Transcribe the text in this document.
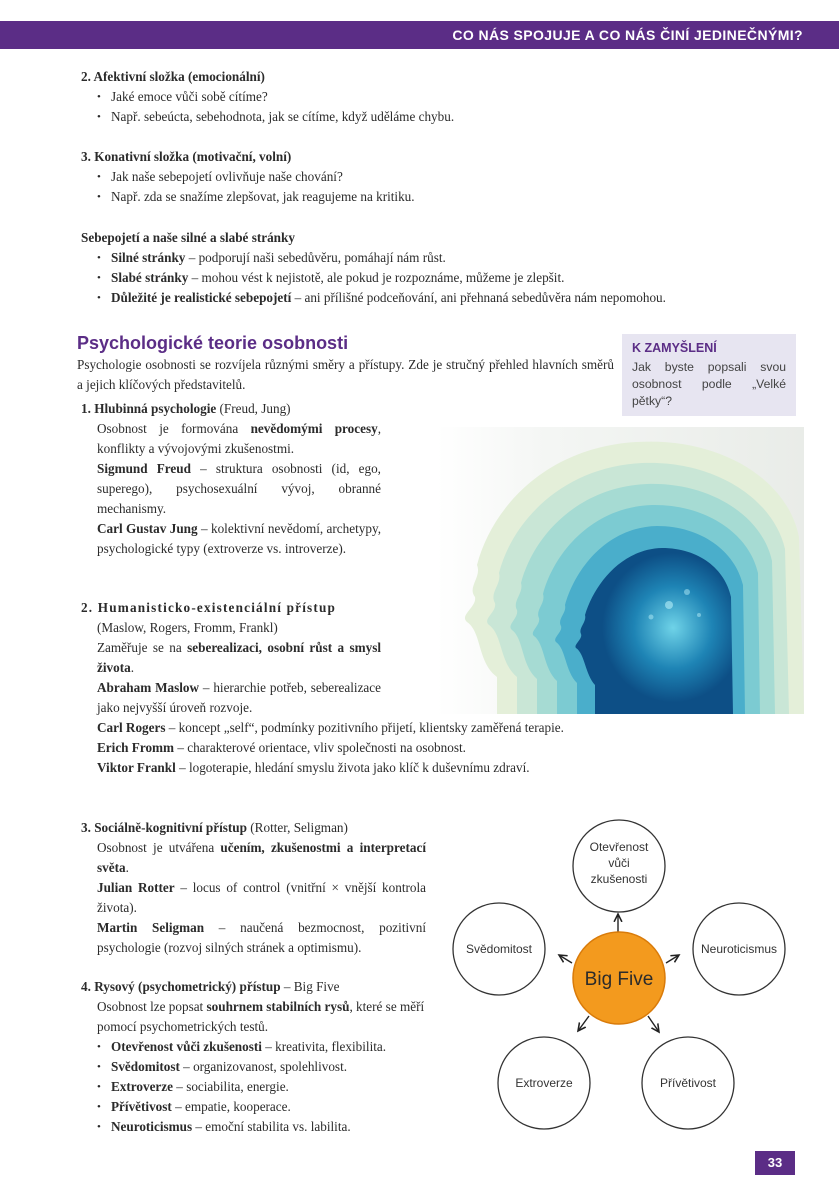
CO NÁS SPOJUJE A CO NÁS ČINÍ JEDINEČNÝMI?
2. Afektivní složka (emocionální)
• Jaké emoce vůči sobě cítíme?
• Např. sebeúcta, sebehodnota, jak se cítíme, když uděláme chybu.
3. Konativní složka (motivační, volní)
• Jak naše sebepojetí ovlivňuje naše chování?
• Např. zda se snažíme zlepšovat, jak reagujeme na kritiku.
Sebepojetí a naše silné a slabé stránky
• Silné stránky – podporují naši sebedůvěru, pomáhají nám růst.
• Slabé stránky – mohou vést k nejistotě, ale pokud je rozpoznáme, můžeme je zlepšit.
• Důležité je realistické sebepojetí – ani přílišné podceňování, ani přehnaná sebedůvěra nám nepomohou.
Psychologické teorie osobnosti
Psychologie osobnosti se rozvíjela různými směry a přístupy. Zde je stručný přehled hlavních směrů a jejich klíčových představitelů.
K ZAMYŠLENÍ
Jak byste popsali svou osobnost podle „Velké pětky“?
1. Hlubinná psychologie (Freud, Jung)
Osobnost je formována nevědomými procesy, konflikty a vývojovými zkušenostmi.
Sigmund Freud – struktura osobnosti (id, ego, superego), psychosexuální vývoj, obranné mechanismy.
Carl Gustav Jung – kolektivní nevědomí, archetypy, psychologické typy (extroverze vs. introverze).
2. Humanisticko-existenciální přístup
(Maslow, Rogers, Fromm, Frankl)
Zaměřuje se na seberealizaci, osobní růst a smysl života.
Abraham Maslow – hierarchie potřeb, seberealizace jako nejvyšší úroveň rozvoje.
Carl Rogers – koncept „self“, podmínky pozitivního přijetí, klientsky zaměřená terapie.
Erich Fromm – charakterové orientace, vliv společnosti na osobnost.
Viktor Frankl – logoterapie, hledání smyslu života jako klíč k duševnímu zdraví.
3. Sociálně-kognitivní přístup (Rotter, Seligman)
Osobnost je utvářena učením, zkušenostmi a interpretací světa.
Julian Rotter – locus of control (vnitřní × vnější kontrola života).
Martin Seligman – naučená bezmocnost, pozitivní psychologie (rozvoj silných stránek a optimismu).
4. Rysový (psychometrický) přístup – Big Five
Osobnost lze popsat souhrnem stabilních rysů, které se měří pomocí psychometrických testů.
• Otevřenost vůči zkušenosti – kreativita, flexibilita.
• Svědomitost – organizovanost, spolehlivost.
• Extroverze – sociabilita, energie.
• Přívětivost – empatie, kooperace.
• Neuroticismus – emoční stabilita vs. labilita.
Otevřenost
vůči
zkušenosti
Svědomitost	Neuroticismus
Extroverze	Přívětivost
Big Five
33
